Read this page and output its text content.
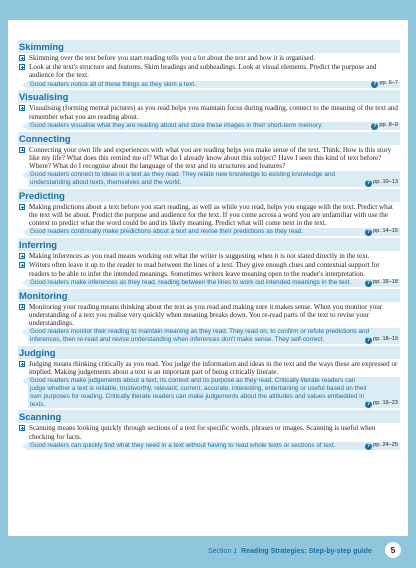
Terms used in the Step-by-step guide
Skimming
Skimming over the text before you start reading tells you a lot about the text and how it is organised.
Look at the text's structure and features. Skim headings and subheadings. Look at visual elements. Predict the purpose and audience for the text.
Good readers notice all of these things as they skim a text.	? pp. 6–7
Visualising
Visualising (forming mental pictures) as you read helps you maintain focus during reading, connect to the meaning of the text and remember what you are reading about.
Good readers visualise what they are reading about and store these images in their short-term memory.	? pp. 8–9
Connecting
Connecting your own life and experiences with what you are reading helps you make sense of the text. Think: How is this story like my life? What does this remind me of? What do I already know about this subject? Have I seen this kind of text before? Where? What do I recognise about the language of the text and its structures and features?
Good readers connect to ideas in a text as they read. They relate new knowledge to existing knowledge and understanding about texts, themselves and the world.	? pp. 10–13
Predicting
Making predictions about a text before you start reading, as well as while you read, helps you engage with the text. Predict what the text will be about. Predict the purpose and audience for the text. If you come across a word you are unfamiliar with use the context to predict what the word could be and its likely meaning. Predict what will come next in the text.
Good readers continually make predictions about a text and revise their predictions as they read.	? pp. 14–15
Inferring
Making inferences as you read means working out what the writer is suggesting when it is not stated directly in the text.
Writers often leave it up to the reader to read between the lines of a text. They give enough clues and contextual support for readers to be able to infer the intended meanings. Sometimes writers leave meaning open to the reader's interpretation.
Good readers make inferences as they read, reading between the lines to work out intended meanings in the text.	? pp. 16–18
Monitoring
Monitoring your reading means thinking about the text as you read and making sure it makes sense. When you monitor your understanding of a text you realise very quickly when meaning breaks down. You re-read parts of the text to revise your understandings.
Good readers monitor their reading to maintain meaning as they read. They read on, to confirm or refute predictions and inferences, then re-read and revise understanding when inferences don't make sense. They self-correct.	? pp. 18–19
Judging
Judging means thinking critically as you read. You judge the information and ideas in the text and the ways these are expressed or implied. Making judgements about a text is an important part of being critically literate.
Good readers make judgements about a text, its context and its purpose as they read. Critically literate readers can judge whether a text is reliable, trustworthy, relevant, current, accurate, interesting, entertaining or useful based on their own purposes for reading. Critically literate readers can make judgements about the attitudes and values embedded in texts.	? pp. 19–23
Scanning
Scanning means looking quickly through sections of a text for specific words, phrases or images. Scanning is useful when checking for facts.
Good readers can quickly find what they need in a text without having to read whole texts or sections of text.	? pp. 24–25
Section 1 Reading Strategies: Step-by-step guide	5
